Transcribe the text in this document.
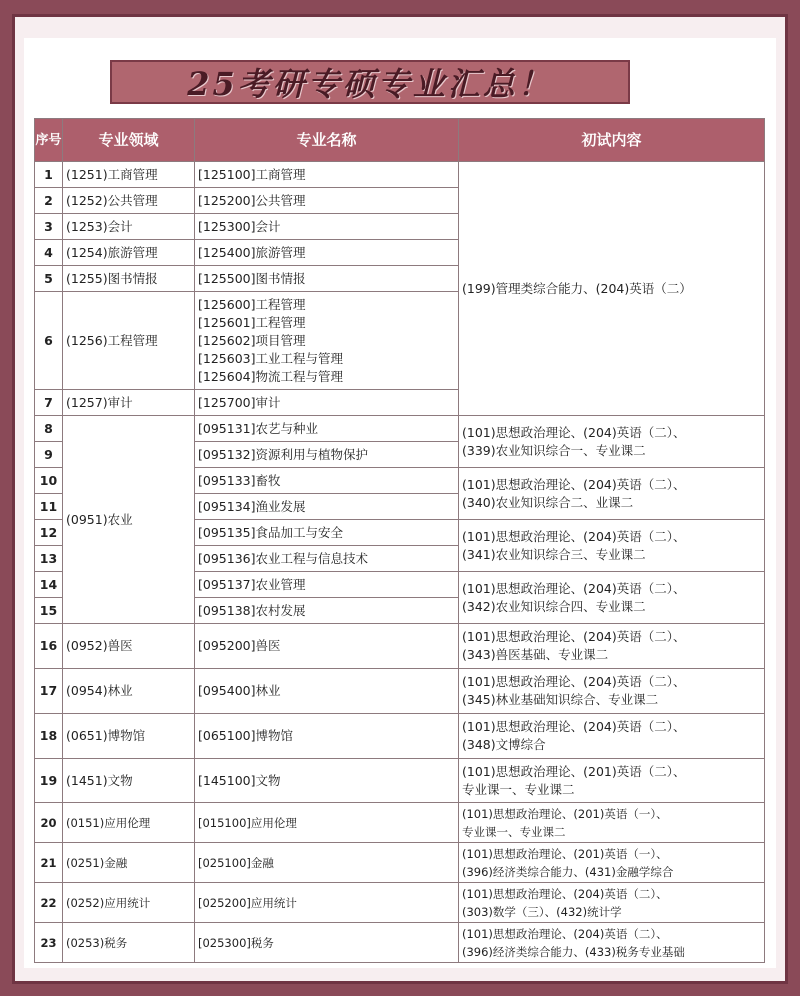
25考研专硕专业汇总！
序号	专业领域	专业名称	初试内容
1	(1251)工商管理	[125100]工商管理	(199)管理类综合能力、(204)英语（二）
2	(1252)公共管理	[125200]公共管理	
3	(1253)会计	[125300]会计	
4	(1254)旅游管理	[125400]旅游管理	
5	(1255)图书情报	[125500]图书情报	
6	(1256)工程管理	[125600]工程管理
[125601]工程管理
[125602]项目管理
[125603]工业工程与管理
[125604]物流工程与管理	

7	(1257)审计	[125700]审计	
8	(0951)农业	[095131]农艺与种业	(101)思想政治理论、(204)英语（二）、
(339)农业知识综合一、专业课二

9		[095132]资源利用与植物保护	
10		[095133]畜牧	(101)思想政治理论、(204)英语（二）、
(340)农业知识综合二、业课二

11		[095134]渔业发展	
12		[095135]食品加工与安全	(101)思想政治理论、(204)英语（二）、
(341)农业知识综合三、专业课二

13		[095136]农业工程与信息技术	
14		[095137]农业管理	(101)思想政治理论、(204)英语（二）、
(342)农业知识综合四、专业课二

15		[095138]农村发展	
16	(0952)兽医	[095200]兽医	(101)思想政治理论、(204)英语（二）、
(343)兽医基础、专业课二

17	(0954)林业	[095400]林业	(101)思想政治理论、(204)英语（二）、
(345)林业基础知识综合、专业课二

18	(0651)博物馆	[065100]博物馆	(101)思想政治理论、(204)英语（二）、
(348)文博综合

19	(1451)文物	[145100]文物	(101)思想政治理论、(201)英语（二）、
专业课一、专业课二

20	(0151)应用伦理	[015100]应用伦理	(101)思想政治理论、(201)英语（一）、
专业课一、专业课二

21	(0251)金融	[025100]金融	(101)思想政治理论、(201)英语（一）、
(396)经济类综合能力、(431)金融学综合

22	(0252)应用统计	[025200]应用统计	(101)思想政治理论、(204)英语（二）、
(303)数学（三）、(432)统计学

23	(0253)税务	[025300]税务	(101)思想政治理论、(204)英语（二）、
(396)经济类综合能力、(433)税务专业基础
